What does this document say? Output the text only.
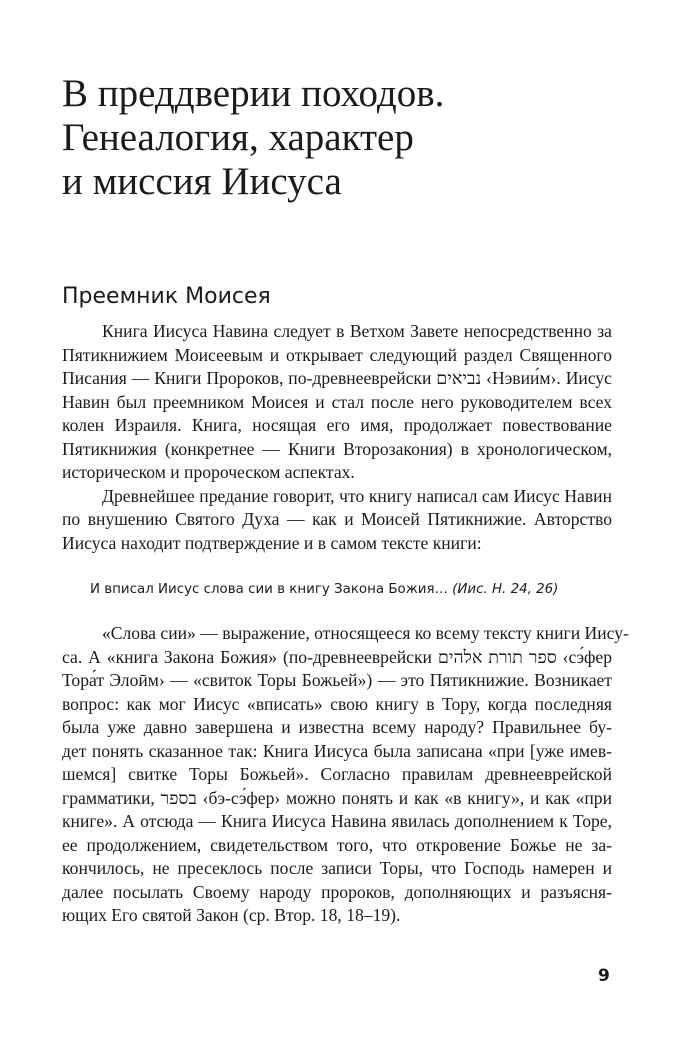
В преддверии походов.
Генеалогия, характер
и миссия Иисуса
Преемник Моисея
Книга Иисуса Навина следует в Ветхом Завете непосредственно за
Пятикнижием Моисеевым и открывает следующий раздел Священного
Писания — Книги Пророков, по-древнееврейски נביאים ‹Нэвии́м›. Иисус
Навин был преемником Моисея и стал после него руководителем всех
колен Израиля. Книга, носящая его имя, продолжает повествование
Пятикнижия (конкретнее — Книги Второзакония) в хронологическом,
историческом и пророческом аспектах.
Древнейшее предание говорит, что книгу написал сам Иисус Навин
по внушению Святого Духа — как и Моисей Пятикнижие. Авторство
Иисуса находит подтверждение и в самом тексте книги:
И вписал Иисус слова сии в книгу Закона Божия… (Иис. Н. 24, 26)
«Слова сии» — выражение, относящееся ко всему тексту книги Иису-
са. А «книга Закона Божия» (по-древнееврейски ספר תורת אלהים ‹сэ́фер
Тора́т Элоӣм› — «свиток Торы Божьей») — это Пятикнижие. Возникает
вопрос: как мог Иисус «вписать» свою книгу в Тору, когда последняя
была уже давно завершена и известна всему народу? Правильнее бу-
дет понять сказанное так: Книга Иисуса была записана «при [уже имев-
шемся] свитке Торы Божьей». Согласно правилам древнееврейской
грамматики, בספר ‹бэ-сэ́фер› можно понять и как «в книгу», и как «при
книге». А отсюда — Книга Иисуса Навина явилась дополнением к Торе,
ее продолжением, свидетельством того, что откровение Божье не за-
кончилось, не пресеклось после записи Торы, что Господь намерен и
далее посылать Своему народу пророков, дополняющих и разъясня-
ющих Его святой Закон (ср. Втор. 18, 18–19).
9
